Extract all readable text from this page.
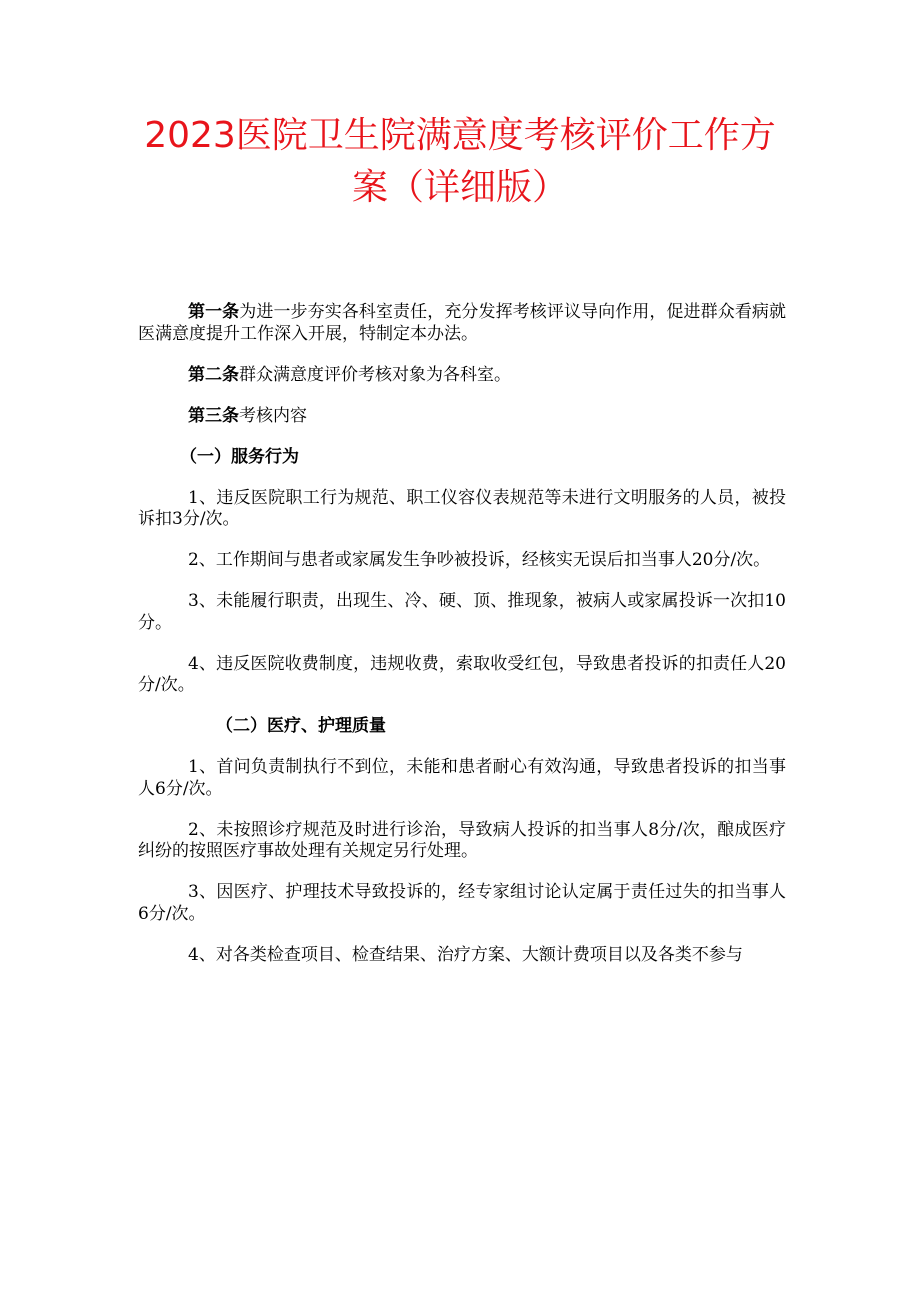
2023医院卫生院满意度考核评价工作方案（详细版）

第一条为进一步夯实各科室责任，充分发挥考核评议导向作用，促进群众看病就医满意度提升工作深入开展，特制定本办法。

第二条群众满意度评价考核对象为各科室。

第三条考核内容

（一）服务行为

1、违反医院职工行为规范、职工仪容仪表规范等未进行文明服务的人员，被投诉扣3分/次。

2、工作期间与患者或家属发生争吵被投诉，经核实无误后扣当事人20分/次。

3、未能履行职责，出现生、冷、硬、顶、推现象，被病人或家属投诉一次扣10分。

4、违反医院收费制度，违规收费，索取收受红包，导致患者投诉的扣责任人20分/次。

（二）医疗、护理质量

1、首问负责制执行不到位，未能和患者耐心有效沟通，导致患者投诉的扣当事人6分/次。

2、未按照诊疗规范及时进行诊治，导致病人投诉的扣当事人8分/次，酿成医疗纠纷的按照医疗事故处理有关规定另行处理。

3、因医疗、护理技术导致投诉的，经专家组讨论认定属于责任过失的扣当事人6分/次。

4、对各类检查项目、检查结果、治疗方案、大额计费项目以及各类不参与
